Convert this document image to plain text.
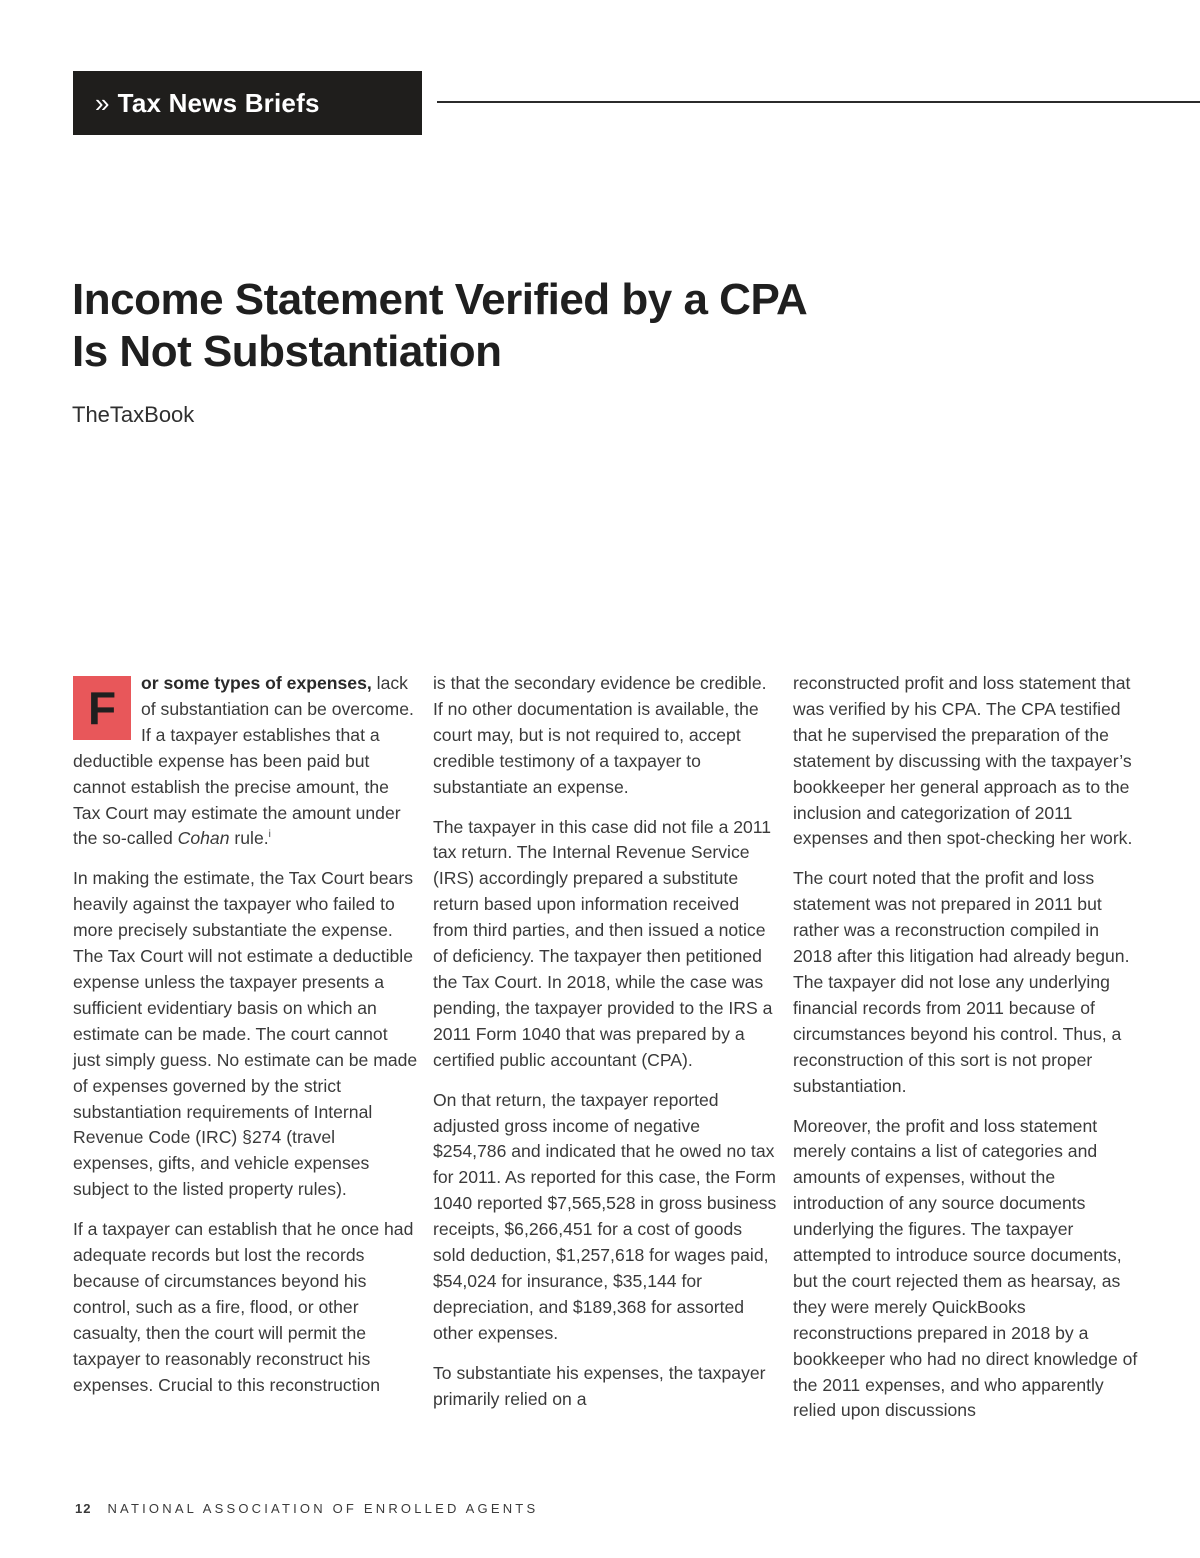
» Tax News Briefs
Income Statement Verified by a CPA Is Not Substantiation
TheTaxBook

F	or some types of expenses, lack of substantiation can be overcome. If a taxpayer establishes that a deductible expense has been paid but cannot establish the precise amount, the Tax Court may estimate the amount under the so-called Cohan rule.$^i$

In making the estimate, the Tax Court bears heavily against the taxpayer who failed to more precisely substantiate the expense. The Tax Court will not estimate a deductible expense unless the taxpayer presents a sufficient evidentiary basis on which an estimate can be made. The court cannot just simply guess. No estimate can be made of expenses governed by the strict substantiation requirements of Internal Revenue Code (IRC) §274 (travel expenses, gifts, and vehicle expenses subject to the listed property rules).

If a taxpayer can establish that he once had adequate records but lost the records because of circumstances beyond his control, such as a fire, flood, or other casualty, then the court will permit the taxpayer to reasonably reconstruct his expenses. Crucial to this reconstruction

is that the secondary evidence be credible. If no other documentation is available, the court may, but is not required to, accept credible testimony of a taxpayer to substantiate an expense.

The taxpayer in this case did not file a 2011 tax return. The Internal Revenue Service (IRS) accordingly prepared a substitute return based upon information received from third parties, and then issued a notice of deficiency. The taxpayer then petitioned the Tax Court. In 2018, while the case was pending, the taxpayer provided to the IRS a 2011 Form 1040 that was prepared by a certified public accountant (CPA).

On that return, the taxpayer reported adjusted gross income of negative $254,786 and indicated that he owed no tax for 2011. As reported for this case, the Form 1040 reported $7,565,528 in gross business receipts, $6,266,451 for a cost of goods sold deduction, $1,257,618 for wages paid, $54,024 for insurance, $35,144 for depreciation, and $189,368 for assorted other expenses.

To substantiate his expenses, the taxpayer primarily relied on a

reconstructed profit and loss statement that was verified by his CPA. The CPA testified that he supervised the preparation of the statement by discussing with the taxpayer’s bookkeeper her general approach as to the inclusion and categorization of 2011 expenses and then spot-checking her work.

The court noted that the profit and loss statement was not prepared in 2011 but rather was a reconstruction compiled in 2018 after this litigation had already begun. The taxpayer did not lose any underlying financial records from 2011 because of circumstances beyond his control. Thus, a reconstruction of this sort is not proper substantiation.

Moreover, the profit and loss statement merely contains a list of categories and amounts of expenses, without the introduction of any source documents underlying the figures. The taxpayer attempted to introduce source documents, but the court rejected them as hearsay, as they were merely QuickBooks reconstructions prepared in 2018 by a bookkeeper who had no direct knowledge of the 2011 expenses, and who apparently relied upon discussions

12 NATIONAL ASSOCIATION OF ENROLLED AGENTS
